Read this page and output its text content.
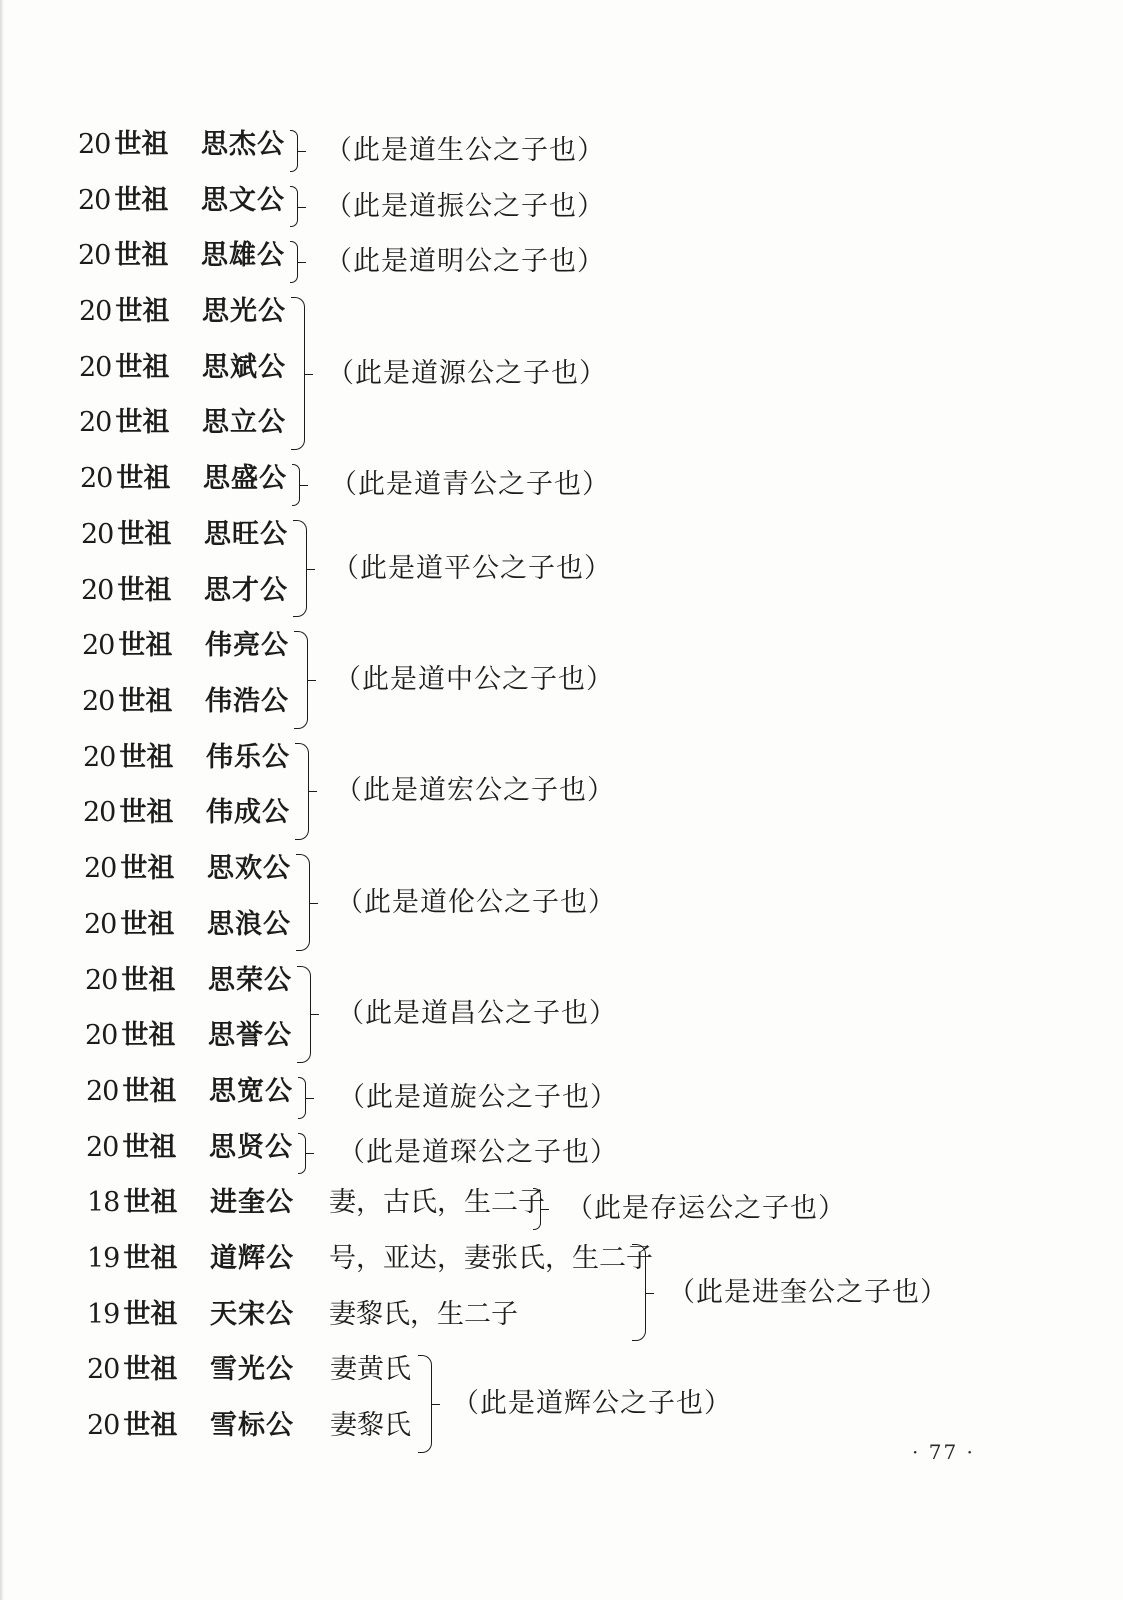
20 世祖	思杰公 （此是道生公之子也）
20 世祖	思文公 （此是道振公之子也）
20 世祖	思雄公 （此是道明公之子也）
20 世祖	思光公
20 世祖	思斌公
20 世祖	思立公
（此是道源公之子也）
20 世祖	思盛公 （此是道青公之子也）
20 世祖	思旺公
20 世祖	思才公
（此是道平公之子也）
20 世祖	伟亮公
20 世祖	伟浩公
（此是道中公之子也）
20 世祖	伟乐公
20 世祖	伟成公
（此是道宏公之子也）
20 世祖	思欢公
20 世祖	思浪公
（此是道伦公之子也）
20 世祖	思荣公
20 世祖	思誉公
（此是道昌公之子也）
20 世祖	思宽公 （此是道旋公之子也）
20 世祖	思贤公 （此是道琛公之子也）
18 世祖	进奎公 妻，古氏，生二子 （此是存运公之子也）
19 世祖	道辉公 号，亚达，妻张氏，生二子
19 世祖	天宋公 妻黎氏，生二子
（此是进奎公之子也）
20 世祖	雪光公 妻黄氏
20 世祖	雪标公 妻黎氏
（此是道辉公之子也）
· 77 ·
